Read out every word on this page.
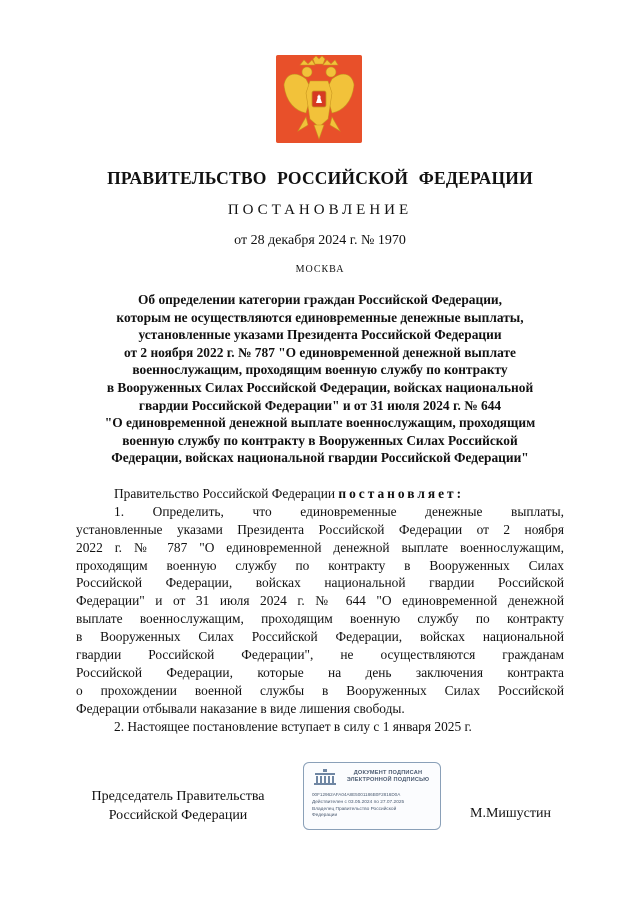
ПРАВИТЕЛЬСТВО РОССИЙСКОЙ ФЕДЕРАЦИИ
ПОСТАНОВЛЕНИЕ
от 28 декабря 2024 г. № 1970
МОСКВА
Об определении категории граждан Российской Федерации,
которым не осуществляются единовременные денежные выплаты,
установленные указами Президента Российской Федерации
от 2 ноября 2022 г. № 787 "О единовременной денежной выплате
военнослужащим, проходящим военную службу по контракту
в Вооруженных Силах Российской Федерации, войсках национальной
гвардии Российской Федерации" и от 31 июля 2024 г. № 644
"О единовременной денежной выплате военнослужащим, проходящим
военную службу по контракту в Вооруженных Силах Российской
Федерации, войсках национальной гвардии Российской Федерации"
Правительство Российской Федерации постановляет:
1. Определить, что единовременные денежные выплаты,
установленные указами Президента Российской Федерации от 2 ноября
2022 г. № 787 "О единовременной денежной выплате военнослужащим,
проходящим военную службу по контракту в Вооруженных Силах
Российской Федерации, войсках национальной гвардии Российской
Федерации" и от 31 июля 2024 г. № 644 "О единовременной денежной
выплате военнослужащим, проходящим военную службу по контракту
в Вооруженных Силах Российской Федерации, войсках национальной
гвардии Российской Федерации", не осуществляются гражданам
Российской Федерации, которые на день заключения контракта
о прохождении военной службы в Вооруженных Силах Российской
Федерации отбывали наказание в виде лишения свободы.
2. Настоящее постановление вступает в силу с 1 января 2025 г.
Председатель Правительства
Российской Федерации
ДОКУМЕНТ ПОДПИСАН
ЭЛЕКТРОННОЙ ПОДПИСЬЮ
00F12962AFA04A8E5001186B0F2816D0A
Действителен с 03.05.2024 по 27.07.2025
Владелец Правительство Российской Федерации	М.Мишустин
